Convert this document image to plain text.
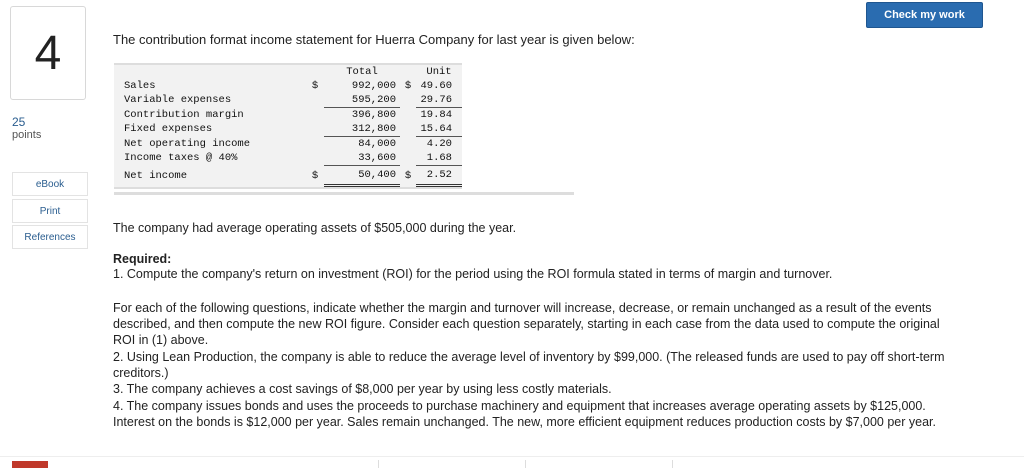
4
25
points
eBook
Print
References
Check my work
The contribution format income statement for Huerra Company for last year is given below:
		Total		Unit
Sales	$	992,000	$	49.60
Variable expenses		595,200		29.76
Contribution margin		396,800		19.84
Fixed expenses		312,800		15.64
Net operating income		84,000		4.20
Income taxes @ 40%		33,600		1.68
Net income	$	50,400	$	2.52
The company had average operating assets of $505,000 during the year.
Required:
1. Compute the company's return on investment (ROI) for the period using the ROI formula stated in terms of margin and turnover.
For each of the following questions, indicate whether the margin and turnover will increase, decrease, or remain unchanged as a result of the events described, and then compute the new ROI figure. Consider each question separately, starting in each case from the data used to compute the original ROI in (1) above.
2. Using Lean Production, the company is able to reduce the average level of inventory by $99,000. (The released funds are used to pay off short-term creditors.)
3. The company achieves a cost savings of $8,000 per year by using less costly materials.
4. The company issues bonds and uses the proceeds to purchase machinery and equipment that increases average operating assets by $125,000. Interest on the bonds is $12,000 per year. Sales remain unchanged. The new, more efficient equipment reduces production costs by $7,000 per year.
